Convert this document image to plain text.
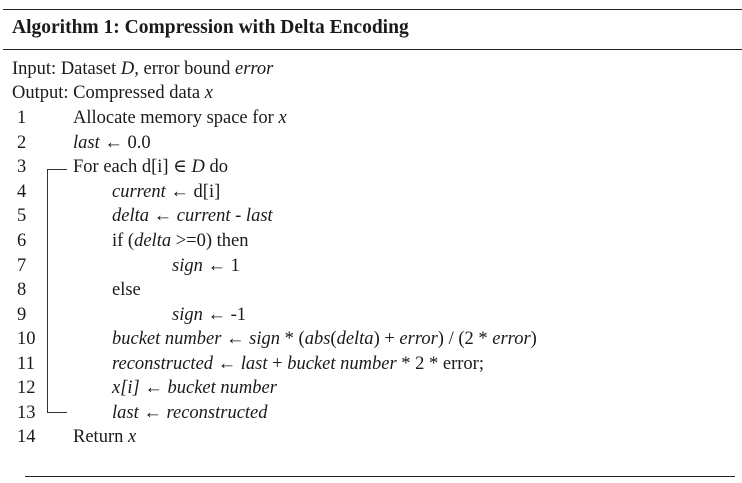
Algorithm 1: Compression with Delta Encoding
Input: Dataset D, error bound error
Output: Compressed data x
1
2
3
4
5
6
7
8
9
10
11
12
13
14
Allocate memory space for x
last ← 0.0
For each d[i] ∈ D do
current ← d[i]
delta ← current - last
if (delta >=0) then
sign ← 1
else
sign ← -1
bucket number ← sign * (abs(delta) + error) / (2 * error)
reconstructed ← last + bucket number * 2 * error;
x[i] ← bucket number
last ← reconstructed
Return x
